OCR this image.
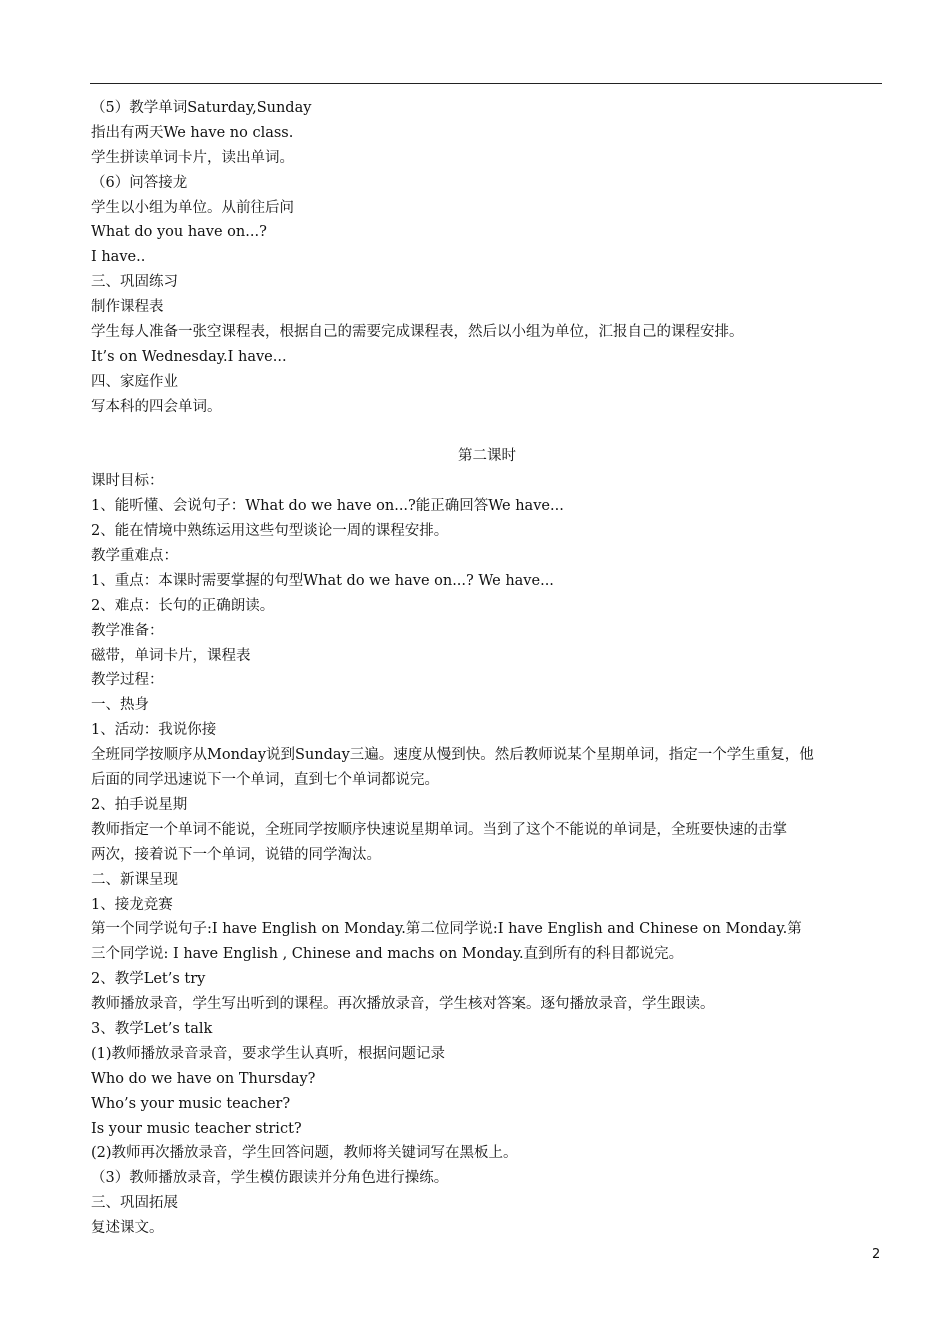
（5）教学单词Saturday,Sunday
指出有两天We have no class.
学生拼读单词卡片，读出单词。
（6）问答接龙
学生以小组为单位。从前往后问
What do you have on...?
I have..
三、巩固练习
制作课程表
学生每人准备一张空课程表，根据自己的需要完成课程表，然后以小组为单位，汇报自己的课程安排。
It’s on Wednesday.I have...
四、家庭作业
写本科的四会单词。
第二课时
课时目标：
1、能听懂、会说句子：What do we have on...?能正确回答We have...
2、能在情境中熟练运用这些句型谈论一周的课程安排。
教学重难点：
1、重点：本课时需要掌握的句型What do we have on...? We have...
2、难点：长句的正确朗读。
教学准备：
磁带，单词卡片，课程表
教学过程：
一、热身
1、活动：我说你接
全班同学按顺序从Monday说到Sunday三遍。速度从慢到快。然后教师说某个星期单词，指定一个学生重复，他
后面的同学迅速说下一个单词，直到七个单词都说完。
2、拍手说星期
教师指定一个单词不能说，全班同学按顺序快速说星期单词。当到了这个不能说的单词是，全班要快速的击掌
两次，接着说下一个单词，说错的同学淘汰。
二、新课呈现
1、接龙竞赛
第一个同学说句子:I have English on Monday.第二位同学说:I have English and Chinese on Monday.第
三个同学说: I have English , Chinese and machs on Monday.直到所有的科目都说完。
2、教学Let’s try
教师播放录音，学生写出听到的课程。再次播放录音，学生核对答案。逐句播放录音，学生跟读。
3、教学Let’s talk
(1)教师播放录音录音，要求学生认真听，根据问题记录
Who do we have on Thursday?
Who’s your music teacher?
Is your music teacher strict?
(2)教师再次播放录音，学生回答问题，教师将关键词写在黑板上。
（3）教师播放录音，学生模仿跟读并分角色进行操练。
三、巩固拓展
复述课文。
2
